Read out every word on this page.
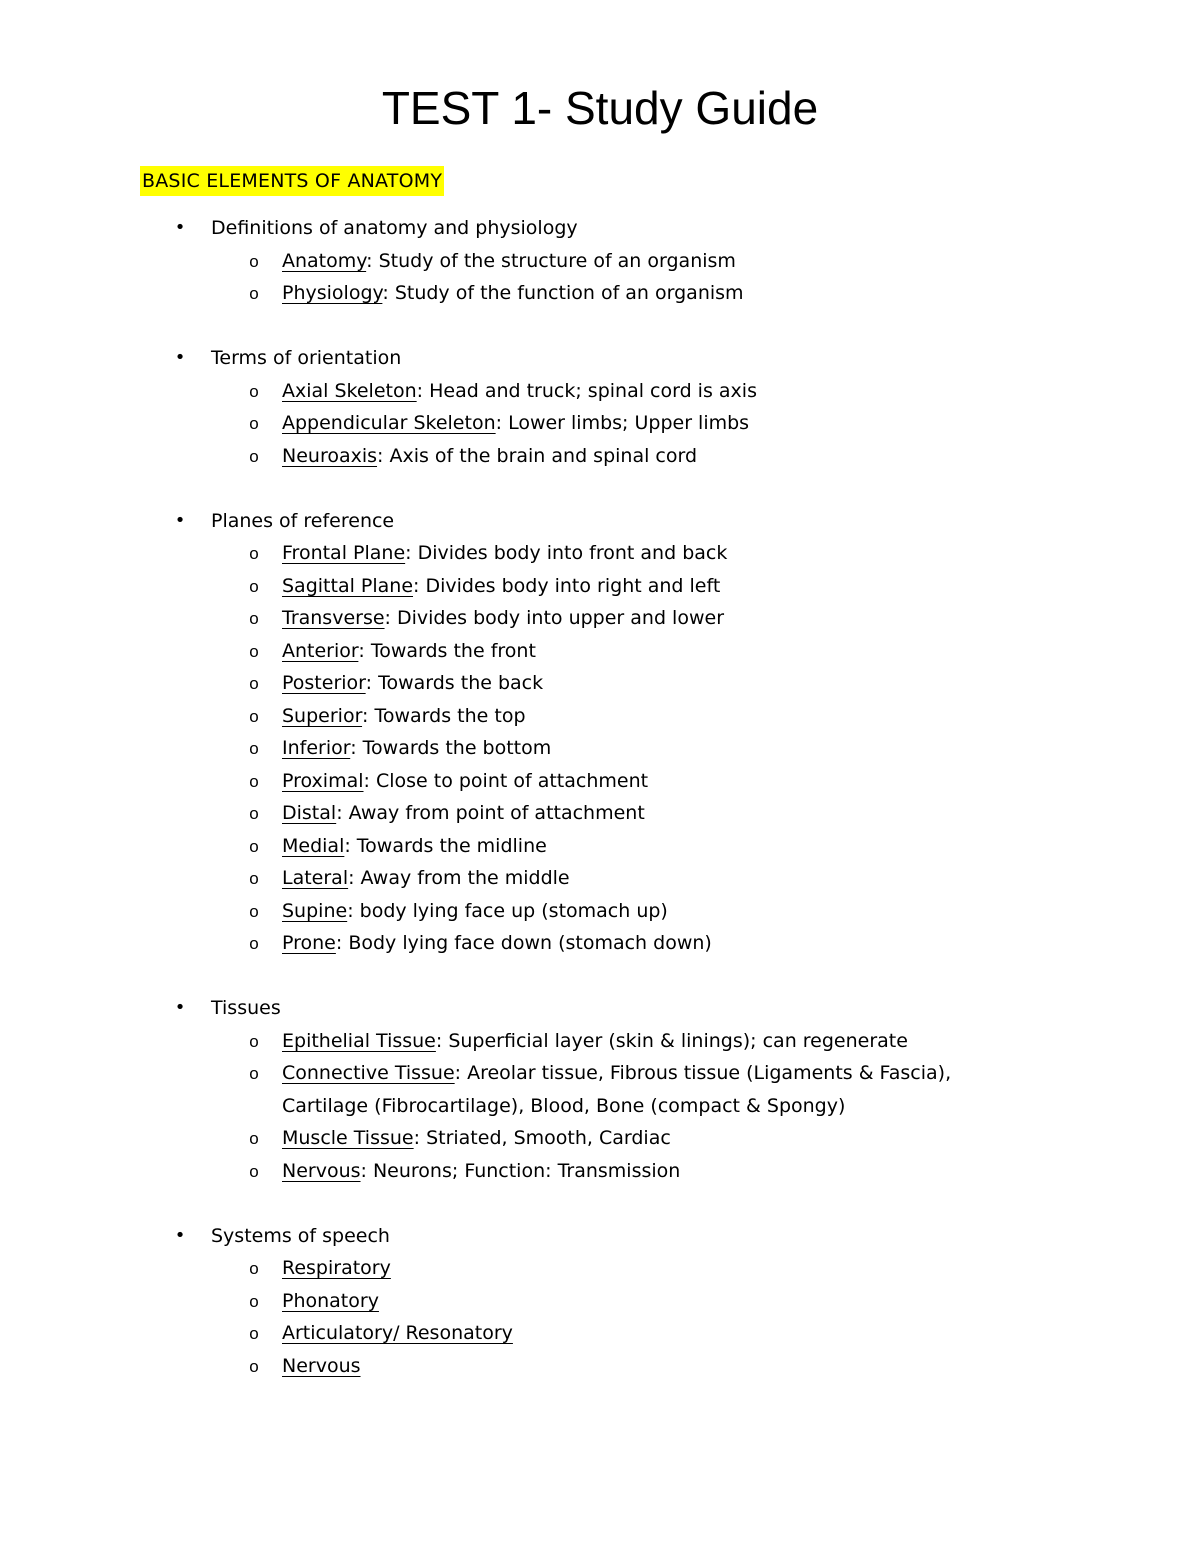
TEST 1- Study Guide
BASIC ELEMENTS OF ANATOMY
• Definitions of anatomy and physiology
o Anatomy: Study of the structure of an organism
o Physiology: Study of the function of an organism
• Terms of orientation
o Axial Skeleton: Head and truck; spinal cord is axis
o Appendicular Skeleton: Lower limbs; Upper limbs
o Neuroaxis: Axis of the brain and spinal cord
• Planes of reference
o Frontal Plane: Divides body into front and back
o Sagittal Plane: Divides body into right and left
o Transverse: Divides body into upper and lower
o Anterior: Towards the front
o Posterior: Towards the back
o Superior: Towards the top
o Inferior: Towards the bottom
o Proximal: Close to point of attachment
o Distal: Away from point of attachment
o Medial: Towards the midline
o Lateral: Away from the middle
o Supine: body lying face up (stomach up)
o Prone: Body lying face down (stomach down)
• Tissues
o Epithelial Tissue: Superficial layer (skin & linings); can regenerate
o Connective Tissue: Areolar tissue, Fibrous tissue (Ligaments & Fascia), Cartilage (Fibrocartilage), Blood, Bone (compact & Spongy)
o Muscle Tissue: Striated, Smooth, Cardiac
o Nervous: Neurons; Function: Transmission
• Systems of speech
o Respiratory
o Phonatory
o Articulatory/ Resonatory
o Nervous
